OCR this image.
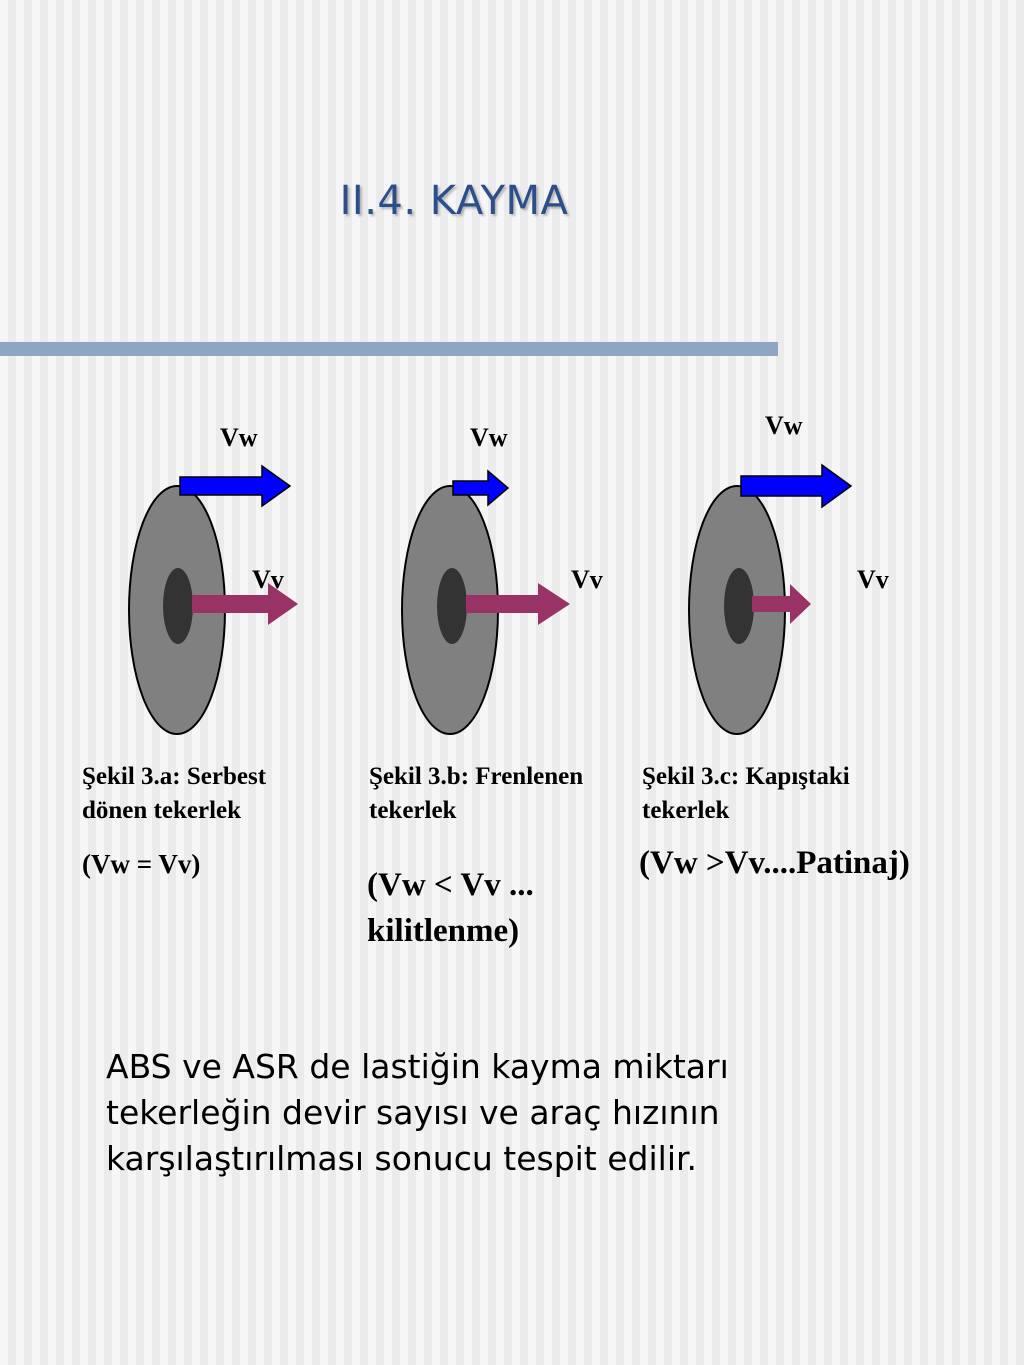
II.4. KAYMA
Vw
Vv
Vw
Vv
Vw
Vv
Şekil 3.a: Serbest
dönen tekerlek
Şekil 3.b: Frenlenen
tekerlek
Şekil 3.c: Kapıştaki
tekerlek
(Vw = Vv)
(Vw < Vv ...
kilitlenme)
(Vw >Vv....Patinaj)
ABS ve ASR de lastiğin kayma miktarı
tekerleğin devir sayısı ve araç hızının
karşılaştırılması sonucu tespit edilir.
